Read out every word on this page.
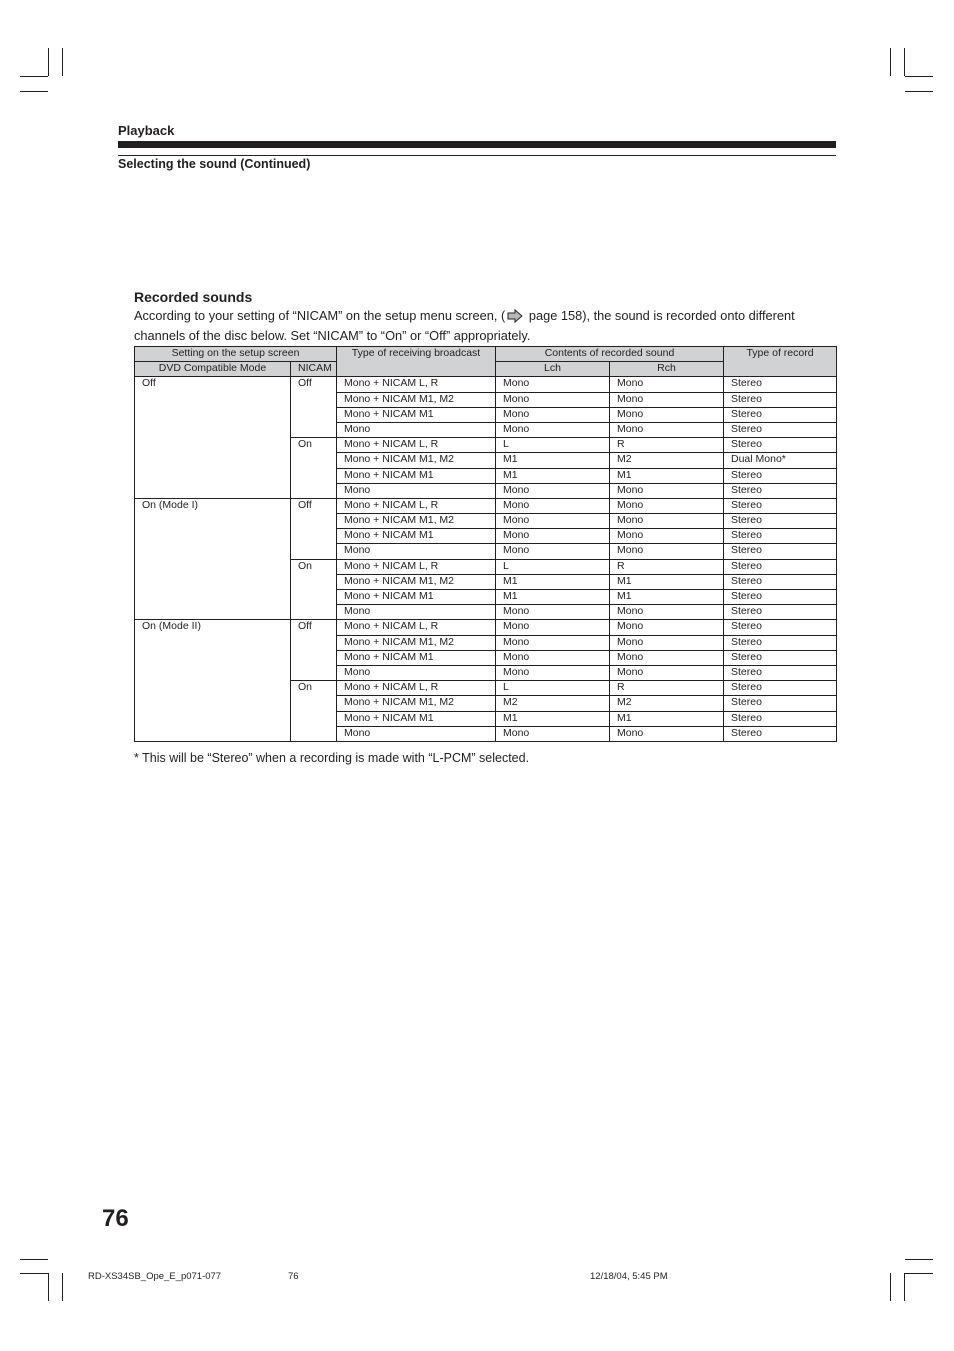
Playback
Selecting the sound (Continued)
Recorded sounds
According to your setting of “NICAM” on the setup menu screen, ( page 158), the sound is recorded onto different channels of the disc below. Set “NICAM” to “On” or “Off” appropriately.
Setting on the setup screen		Type of receiving broadcast	Contents of recorded sound		Type of record
DVD Compatible Mode	NICAM		Lch	Rch	
Off	Off	Mono + NICAM L, R	Mono	Mono	Stereo
		Mono + NICAM M1, M2	Mono	Mono	Stereo
		Mono + NICAM M1	Mono	Mono	Stereo
		Mono	Mono	Mono	Stereo
	On	Mono + NICAM L, R	L	R	Stereo
		Mono + NICAM M1, M2	M1	M2	Dual Mono*
		Mono + NICAM M1	M1	M1	Stereo
		Mono	Mono	Mono	Stereo
On (Mode I)	Off	Mono + NICAM L, R	Mono	Mono	Stereo
		Mono + NICAM M1, M2	Mono	Mono	Stereo
		Mono + NICAM M1	Mono	Mono	Stereo
		Mono	Mono	Mono	Stereo
	On	Mono + NICAM L, R	L	R	Stereo
		Mono + NICAM M1, M2	M1	M1	Stereo
		Mono + NICAM M1	M1	M1	Stereo
		Mono	Mono	Mono	Stereo
On (Mode II)	Off	Mono + NICAM L, R	Mono	Mono	Stereo
		Mono + NICAM M1, M2	Mono	Mono	Stereo
		Mono + NICAM M1	Mono	Mono	Stereo
		Mono	Mono	Mono	Stereo
	On	Mono + NICAM L, R	L	R	Stereo
		Mono + NICAM M1, M2	M2	M2	Stereo
		Mono + NICAM M1	M1	M1	Stereo
		Mono	Mono	Mono	Stereo
* This will be “Stereo” when a recording is made with “L-PCM” selected.
76
RD-XS34SB_Ope_E_p071-077	76	12/18/04, 5:45 PM
